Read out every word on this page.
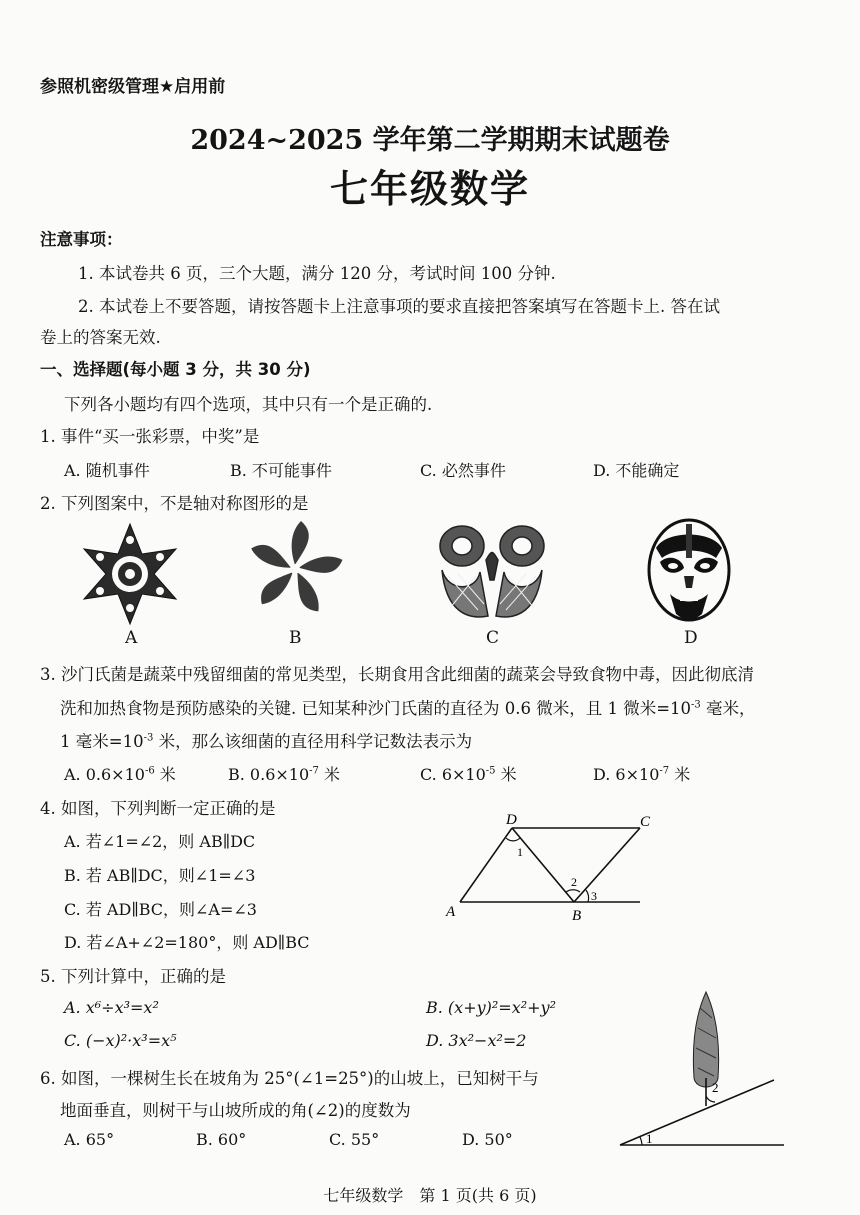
参照机密级管理★启用前
2024~2025 学年第二学期期末试题卷
七年级数学
注意事项：
1. 本试卷共 6 页，三个大题，满分 120 分，考试时间 100 分钟.
2. 本试卷上不要答题，请按答题卡上注意事项的要求直接把答案填写在答题卡上. 答在试
卷上的答案无效.
一、选择题(每小题 3 分，共 30 分)
下列各小题均有四个选项，其中只有一个是正确的.
1. 事件“买一张彩票，中奖”是
A. 随机事件	B. 不可能事件	C. 必然事件	D. 不能确定
2. 下列图案中，不是轴对称图形的是
A	B	C	D
3. 沙门氏菌是蔬菜中残留细菌的常见类型，长期食用含此细菌的蔬菜会导致食物中毒，因此彻底清
洗和加热食物是预防感染的关键. 已知某种沙门氏菌的直径为 0.6 微米，且 1 微米$=10^{-3}$ 毫米，
1 毫米$=10^{-3}$ 米，那么该细菌的直径用科学记数法表示为
A. $0.6\times 10^{-6}$ 米	B. $0.6\times 10^{-7}$ 米	C. $6\times 10^{-5}$ 米	D. $6\times 10^{-7}$ 米
4. 如图，下列判断一定正确的是
A. 若∠1=∠2，则 AB∥DC
B. 若 AB∥DC，则∠1=∠3
C. 若 AD∥BC，则∠A=∠3
D. 若∠A+∠2=180°，则 AD∥BC
D	C
A	B
1
2
3
5. 下列计算中，正确的是
A. x⁶÷x³=x²	B. (x+y)²=x²+y²
C. (−x)²·x³=x⁵	D. 3x²−x²=2
6. 如图，一棵树生长在坡角为 25°(∠1=25°)的山坡上，已知树干与
地面垂直，则树干与山坡所成的角(∠2)的度数为
A. 65°	B. 60°	C. 55°	D. 50°
2
1
七年级数学　第 1 页(共 6 页)
